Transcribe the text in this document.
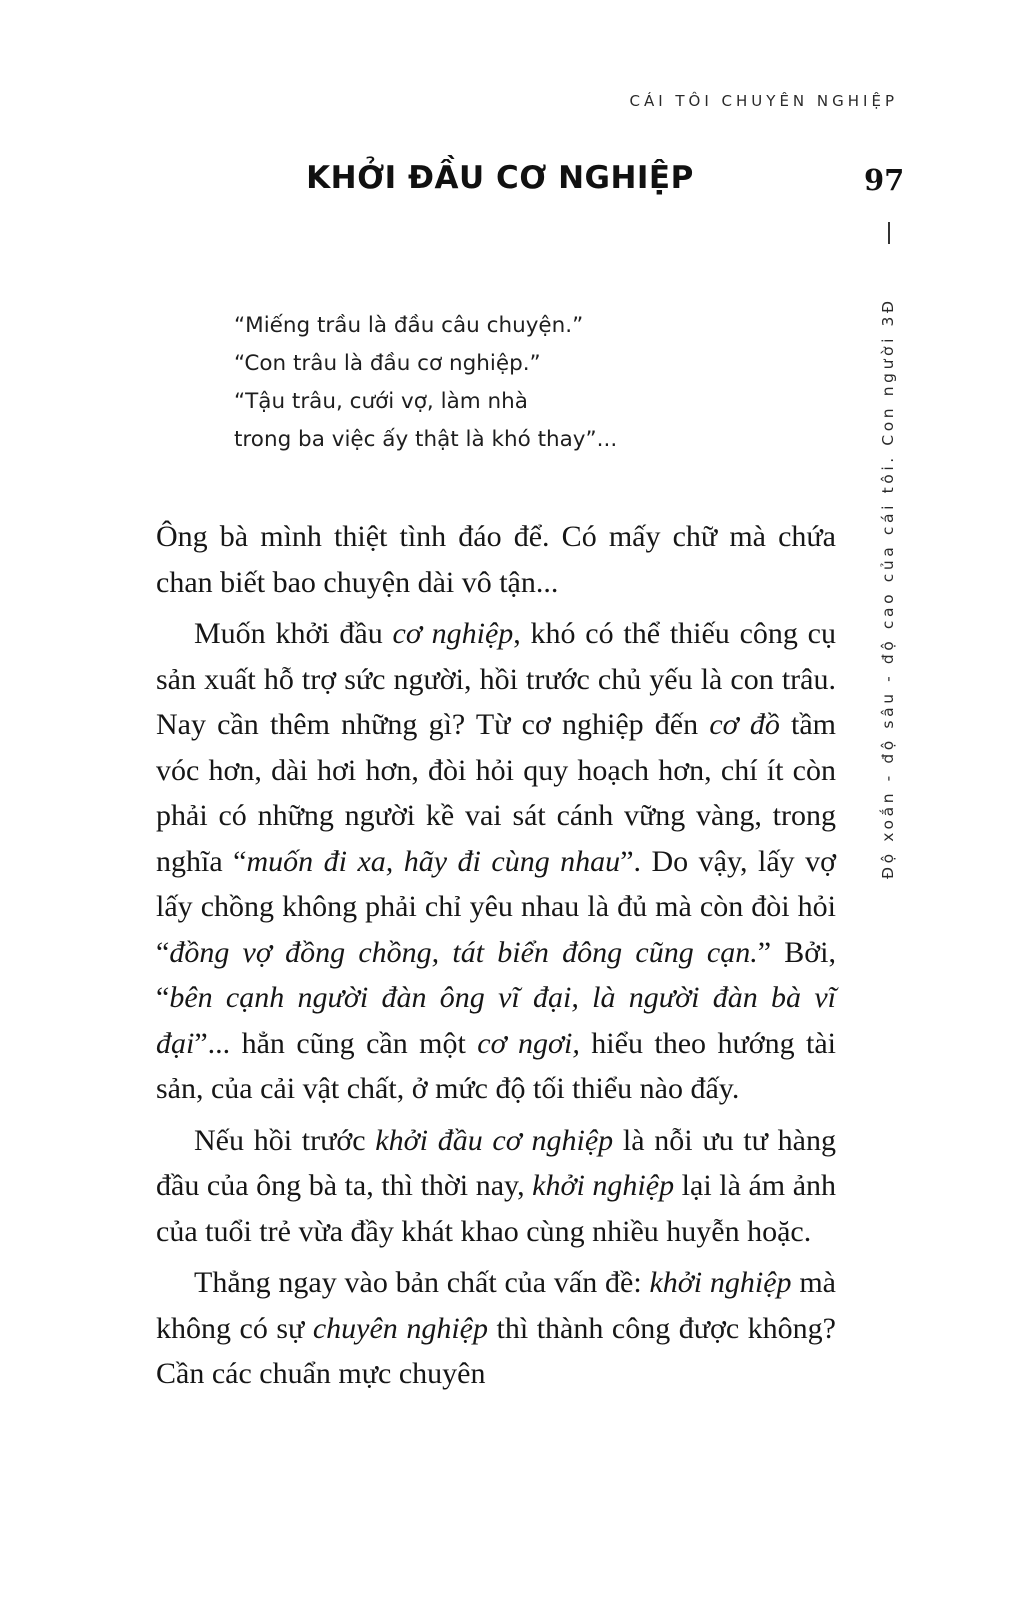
CÁI TÔI CHUYÊN NGHIỆP
KHỞI ĐẦU CƠ NGHIỆP	97
Độ xoắn - độ sâu - độ cao của cái tôi. Con người 3Đ
“Miếng trầu là đầu câu chuyện.”
“Con trâu là đầu cơ nghiệp.”
“Tậu trâu, cưới vợ, làm nhà
trong ba việc ấy thật là khó thay”...

Ông bà mình thiệt tình đáo để. Có mấy chữ mà chứa chan biết bao chuyện dài vô tận...

Muốn khởi đầu cơ nghiệp, khó có thể thiếu công cụ sản xuất hỗ trợ sức người, hồi trước chủ yếu là con trâu. Nay cần thêm những gì? Từ cơ nghiệp đến cơ đồ tầm vóc hơn, dài hơi hơn, đòi hỏi quy hoạch hơn, chí ít còn phải có những người kề vai sát cánh vững vàng, trong nghĩa “muốn đi xa, hãy đi cùng nhau”. Do vậy, lấy vợ lấy chồng không phải chỉ yêu nhau là đủ mà còn đòi hỏi “đồng vợ đồng chồng, tát biển đông cũng cạn.” Bởi, “bên cạnh người đàn ông vĩ đại, là người đàn bà vĩ đại”... hẳn cũng cần một cơ ngơi, hiểu theo hướng tài sản, của cải vật chất, ở mức độ tối thiểu nào đấy.

Nếu hồi trước khởi đầu cơ nghiệp là nỗi ưu tư hàng đầu của ông bà ta, thì thời nay, khởi nghiệp lại là ám ảnh của tuổi trẻ vừa đầy khát khao cùng nhiều huyễn hoặc.

Thẳng ngay vào bản chất của vấn đề: khởi nghiệp mà không có sự chuyên nghiệp thì thành công được không? Cần các chuẩn mực chuyên
